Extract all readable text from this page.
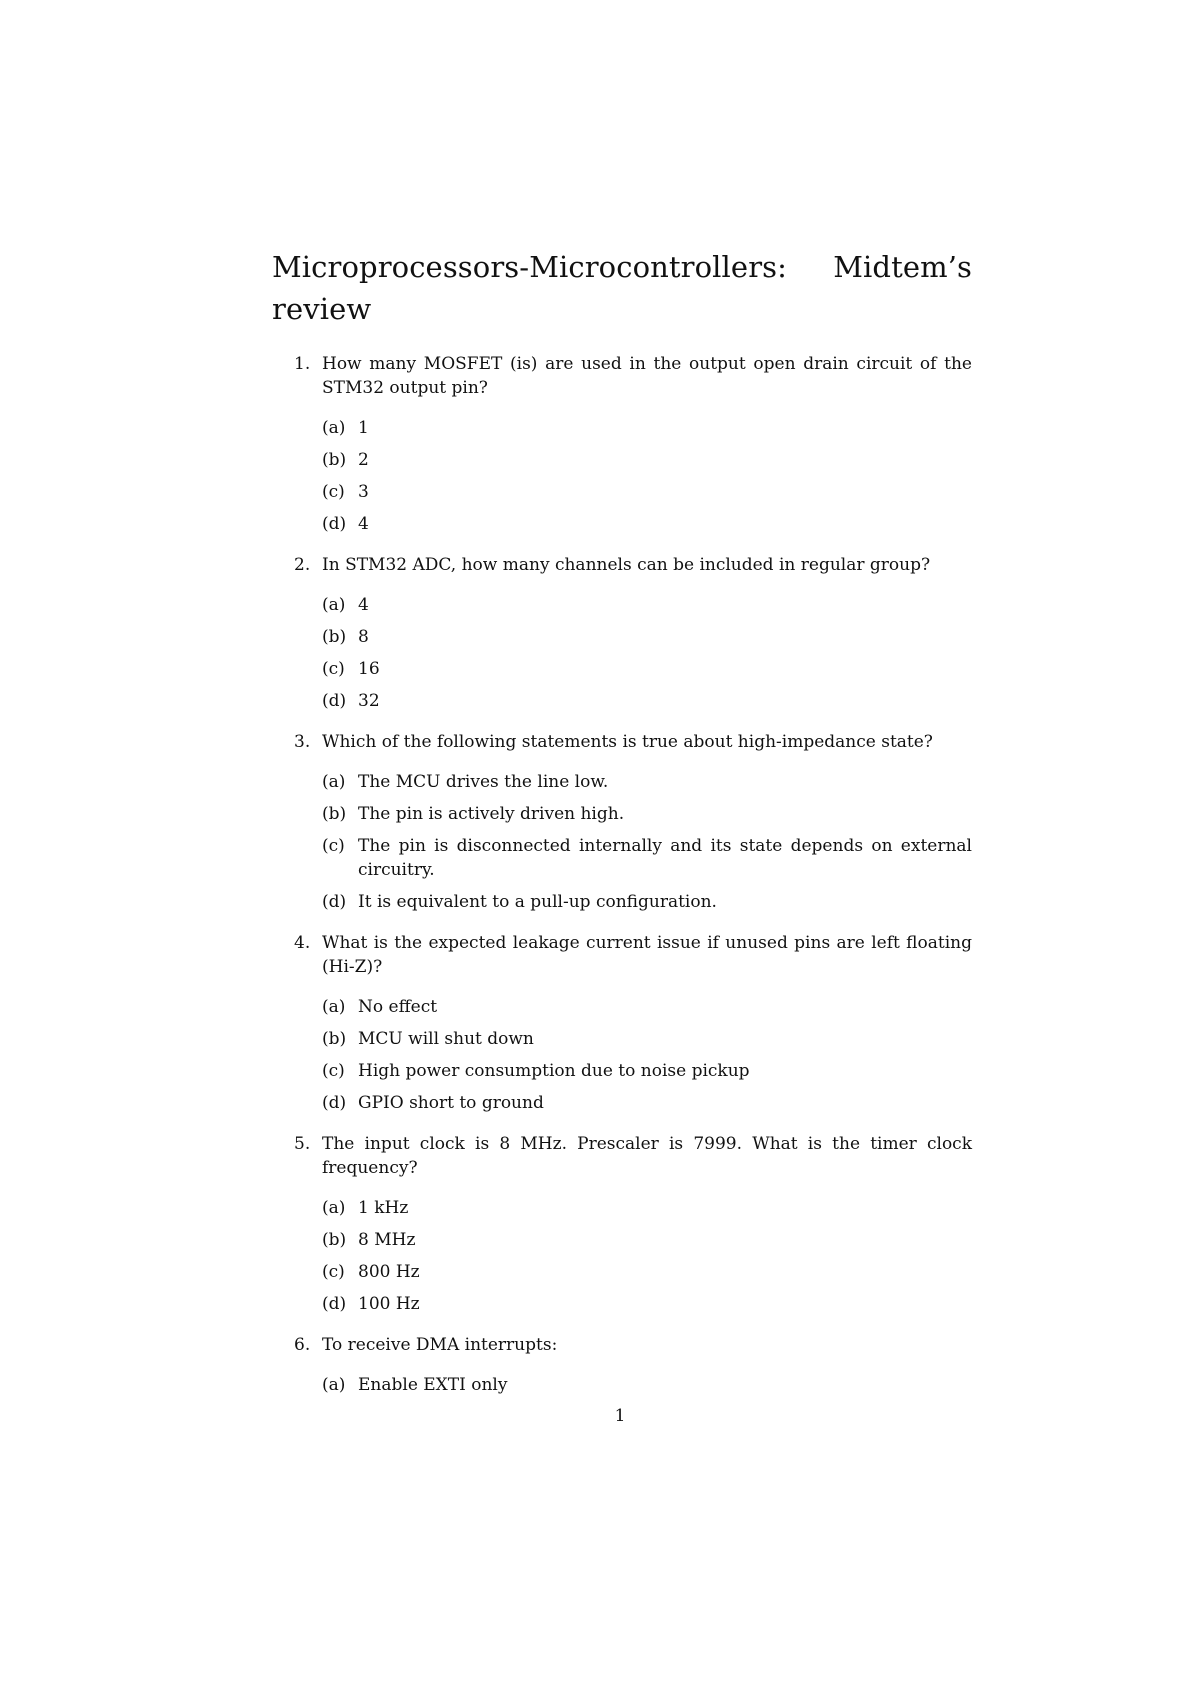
Microprocessors-Microcontrollers: Midtem’s review
1. How many MOSFET (is) are used in the output open drain circuit of the STM32 output pin?
(a) 1
(b) 2
(c) 3
(d) 4
2. In STM32 ADC, how many channels can be included in regular group?
(a) 4
(b) 8
(c) 16
(d) 32
3. Which of the following statements is true about high-impedance state?
(a) The MCU drives the line low.
(b) The pin is actively driven high.
(c) The pin is disconnected internally and its state depends on external circuitry.
(d) It is equivalent to a pull-up configuration.
4. What is the expected leakage current issue if unused pins are left floating (Hi-Z)?
(a) No effect
(b) MCU will shut down
(c) High power consumption due to noise pickup
(d) GPIO short to ground
5. The input clock is 8 MHz. Prescaler is 7999. What is the timer clock frequency?
(a) 1 kHz
(b) 8 MHz
(c) 800 Hz
(d) 100 Hz
6. To receive DMA interrupts:
(a) Enable EXTI only
1
